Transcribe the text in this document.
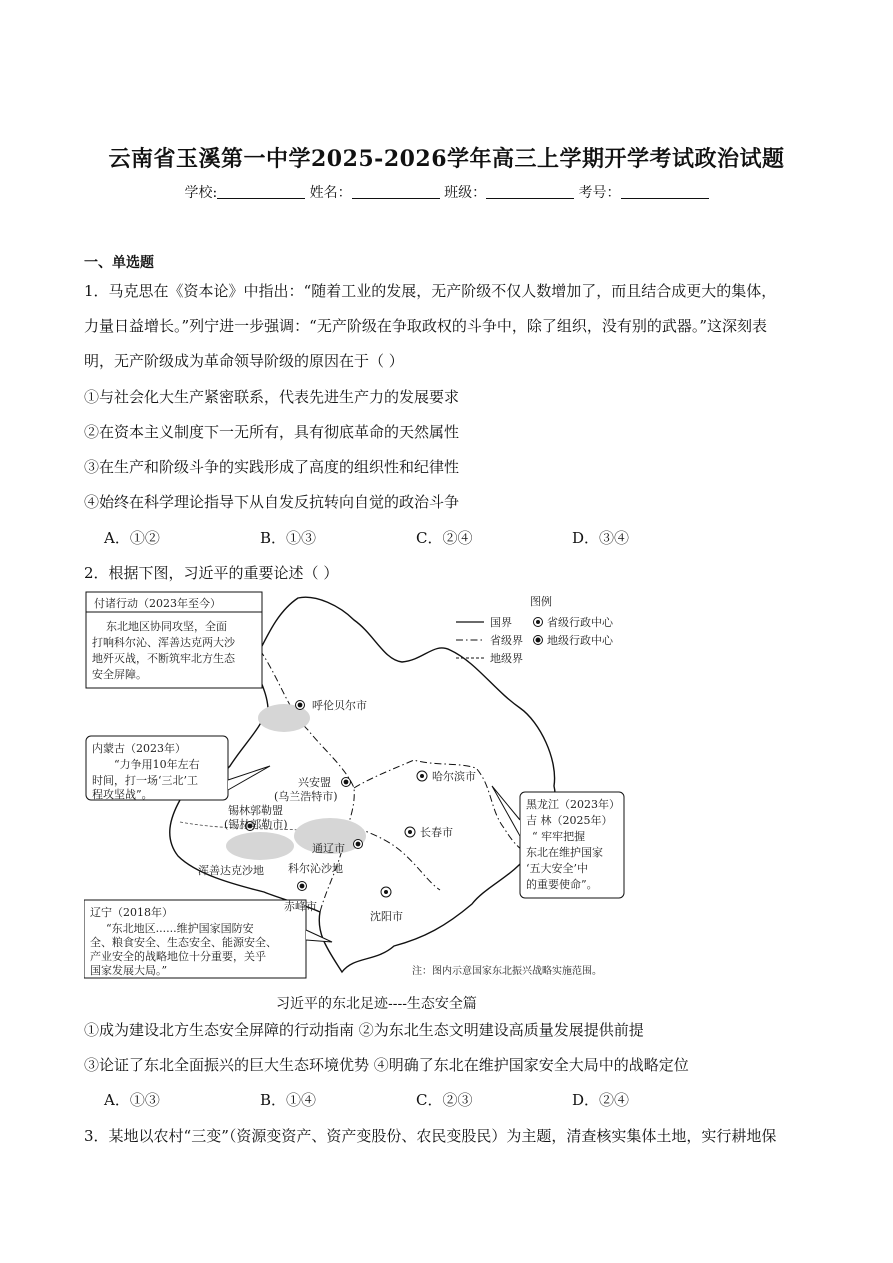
云南省玉溪第一中学2025-2026学年高三上学期开学考试政治试题
学校:	姓名：	班级：	考号：
一、单选题
1．马克思在《资本论》中指出：“随着工业的发展，无产阶级不仅人数增加了，而且结合成更大的集体，
力量日益增长。”列宁进一步强调：“无产阶级在争取政权的斗争中，除了组织，没有别的武器。”这深刻表
明，无产阶级成为革命领导阶级的原因在于（ ）
①与社会化大生产紧密联系，代表先进生产力的发展要求
②在资本主义制度下一无所有，具有彻底革命的天然属性
③在生产和阶级斗争的实践形成了高度的组织性和纪律性
④始终在科学理论指导下从自发反抗转向自觉的政治斗争
A．①②	B．①③	C．②④	D．③④
2．根据下图，习近平的重要论述（ ）
图例
国界
省级界
地级界
省级行政中心
地级行政中心
付诸行动（2023年至今）
东北地区协同攻坚，全面
打响科尔沁、浑善达克两大沙
地歼灭战，不断筑牢北方生态
安全屏障。
内蒙古（2023年）
“力争用10年左右
时间，打一场‘三北’工
程攻坚战”。
辽宁（2018年）
“东北地区......维护国家国防安
全、粮食安全、生态安全、能源安全、
产业安全的战略地位十分重要，关乎
国家发展大局。”
黑龙江（2023年）
吉 林（2025年）
“ 牢牢把握
东北在维护国家
‘五大安全’中
的重要使命”。
呼伦贝尔市
兴安盟
(乌兰浩特市)
哈尔滨市
锡林郭勒盟
(锡林郭勒市)
长春市
通辽市
浑善达克沙地 科尔沁沙地
赤峰市
沈阳市
注：图内示意国家东北振兴战略实施范围。
习近平的东北足迹----生态安全篇
①成为建设北方生态安全屏障的行动指南 ②为东北生态文明建设高质量发展提供前提
③论证了东北全面振兴的巨大生态环境优势 ④明确了东北在维护国家安全大局中的战略定位
A．①③	B．①④	C．②③	D．②④
3．某地以农村“三变”（资源变资产、资产变股份、农民变股民）为主题，清查核实集体土地，实行耕地保
